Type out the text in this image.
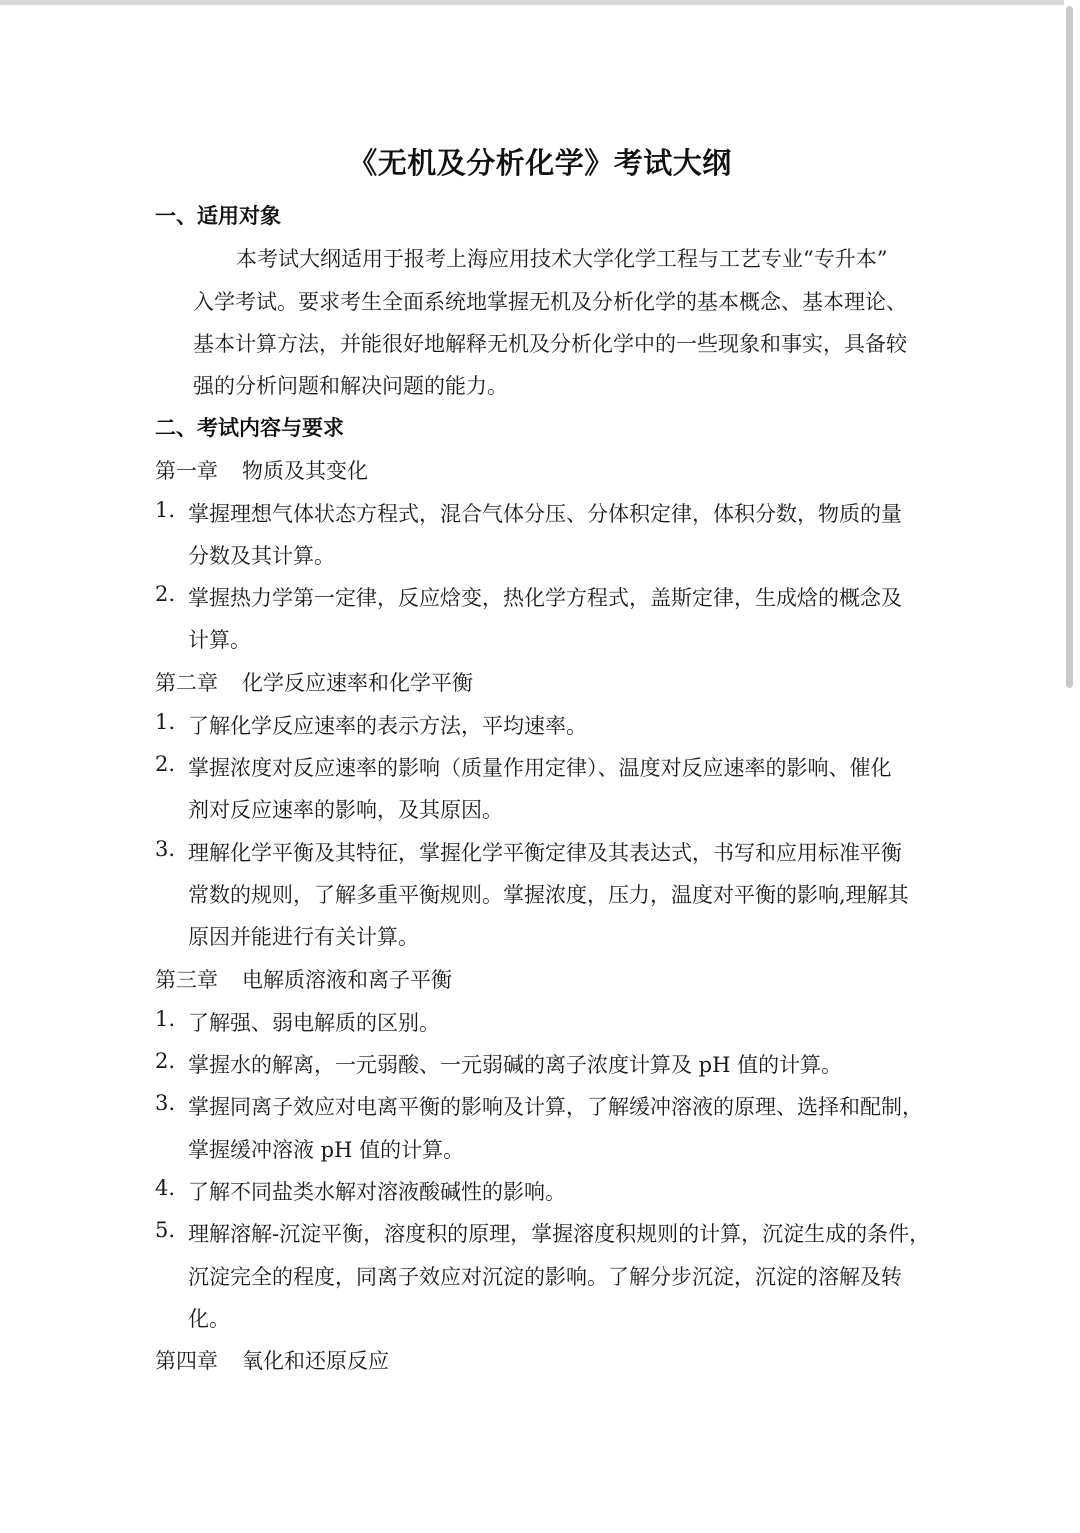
《无机及分析化学》考试大纲
一、适用对象
本考试大纲适用于报考上海应用技术大学化学工程与工艺专业“专升本”
入学考试。要求考生全面系统地掌握无机及分析化学的基本概念、基本理论、
基本计算方法，并能很好地解释无机及分析化学中的一些现象和事实，具备较
强的分析问题和解决问题的能力。
二、考试内容与要求
第一章 物质及其变化
1. 掌握理想气体状态方程式，混合气体分压、分体积定律，体积分数，物质的量
分数及其计算。
2. 掌握热力学第一定律，反应焓变，热化学方程式，盖斯定律，生成焓的概念及
计算。
第二章 化学反应速率和化学平衡
1. 了解化学反应速率的表示方法，平均速率。
2. 掌握浓度对反应速率的影响（质量作用定律）、温度对反应速率的影响、催化
剂对反应速率的影响，及其原因。
3. 理解化学平衡及其特征，掌握化学平衡定律及其表达式，书写和应用标准平衡
常数的规则，了解多重平衡规则。掌握浓度，压力，温度对平衡的影响,理解其
原因并能进行有关计算。
第三章 电解质溶液和离子平衡
1. 了解强、弱电解质的区别。
2. 掌握水的解离，一元弱酸、一元弱碱的离子浓度计算及 pH 值的计算。
3. 掌握同离子效应对电离平衡的影响及计算，了解缓冲溶液的原理、选择和配制，
掌握缓冲溶液 pH 值的计算。
4. 了解不同盐类水解对溶液酸碱性的影响。
5. 理解溶解-沉淀平衡，溶度积的原理，掌握溶度积规则的计算，沉淀生成的条件，
沉淀完全的程度，同离子效应对沉淀的影响。了解分步沉淀，沉淀的溶解及转
化。
第四章 氧化和还原反应
